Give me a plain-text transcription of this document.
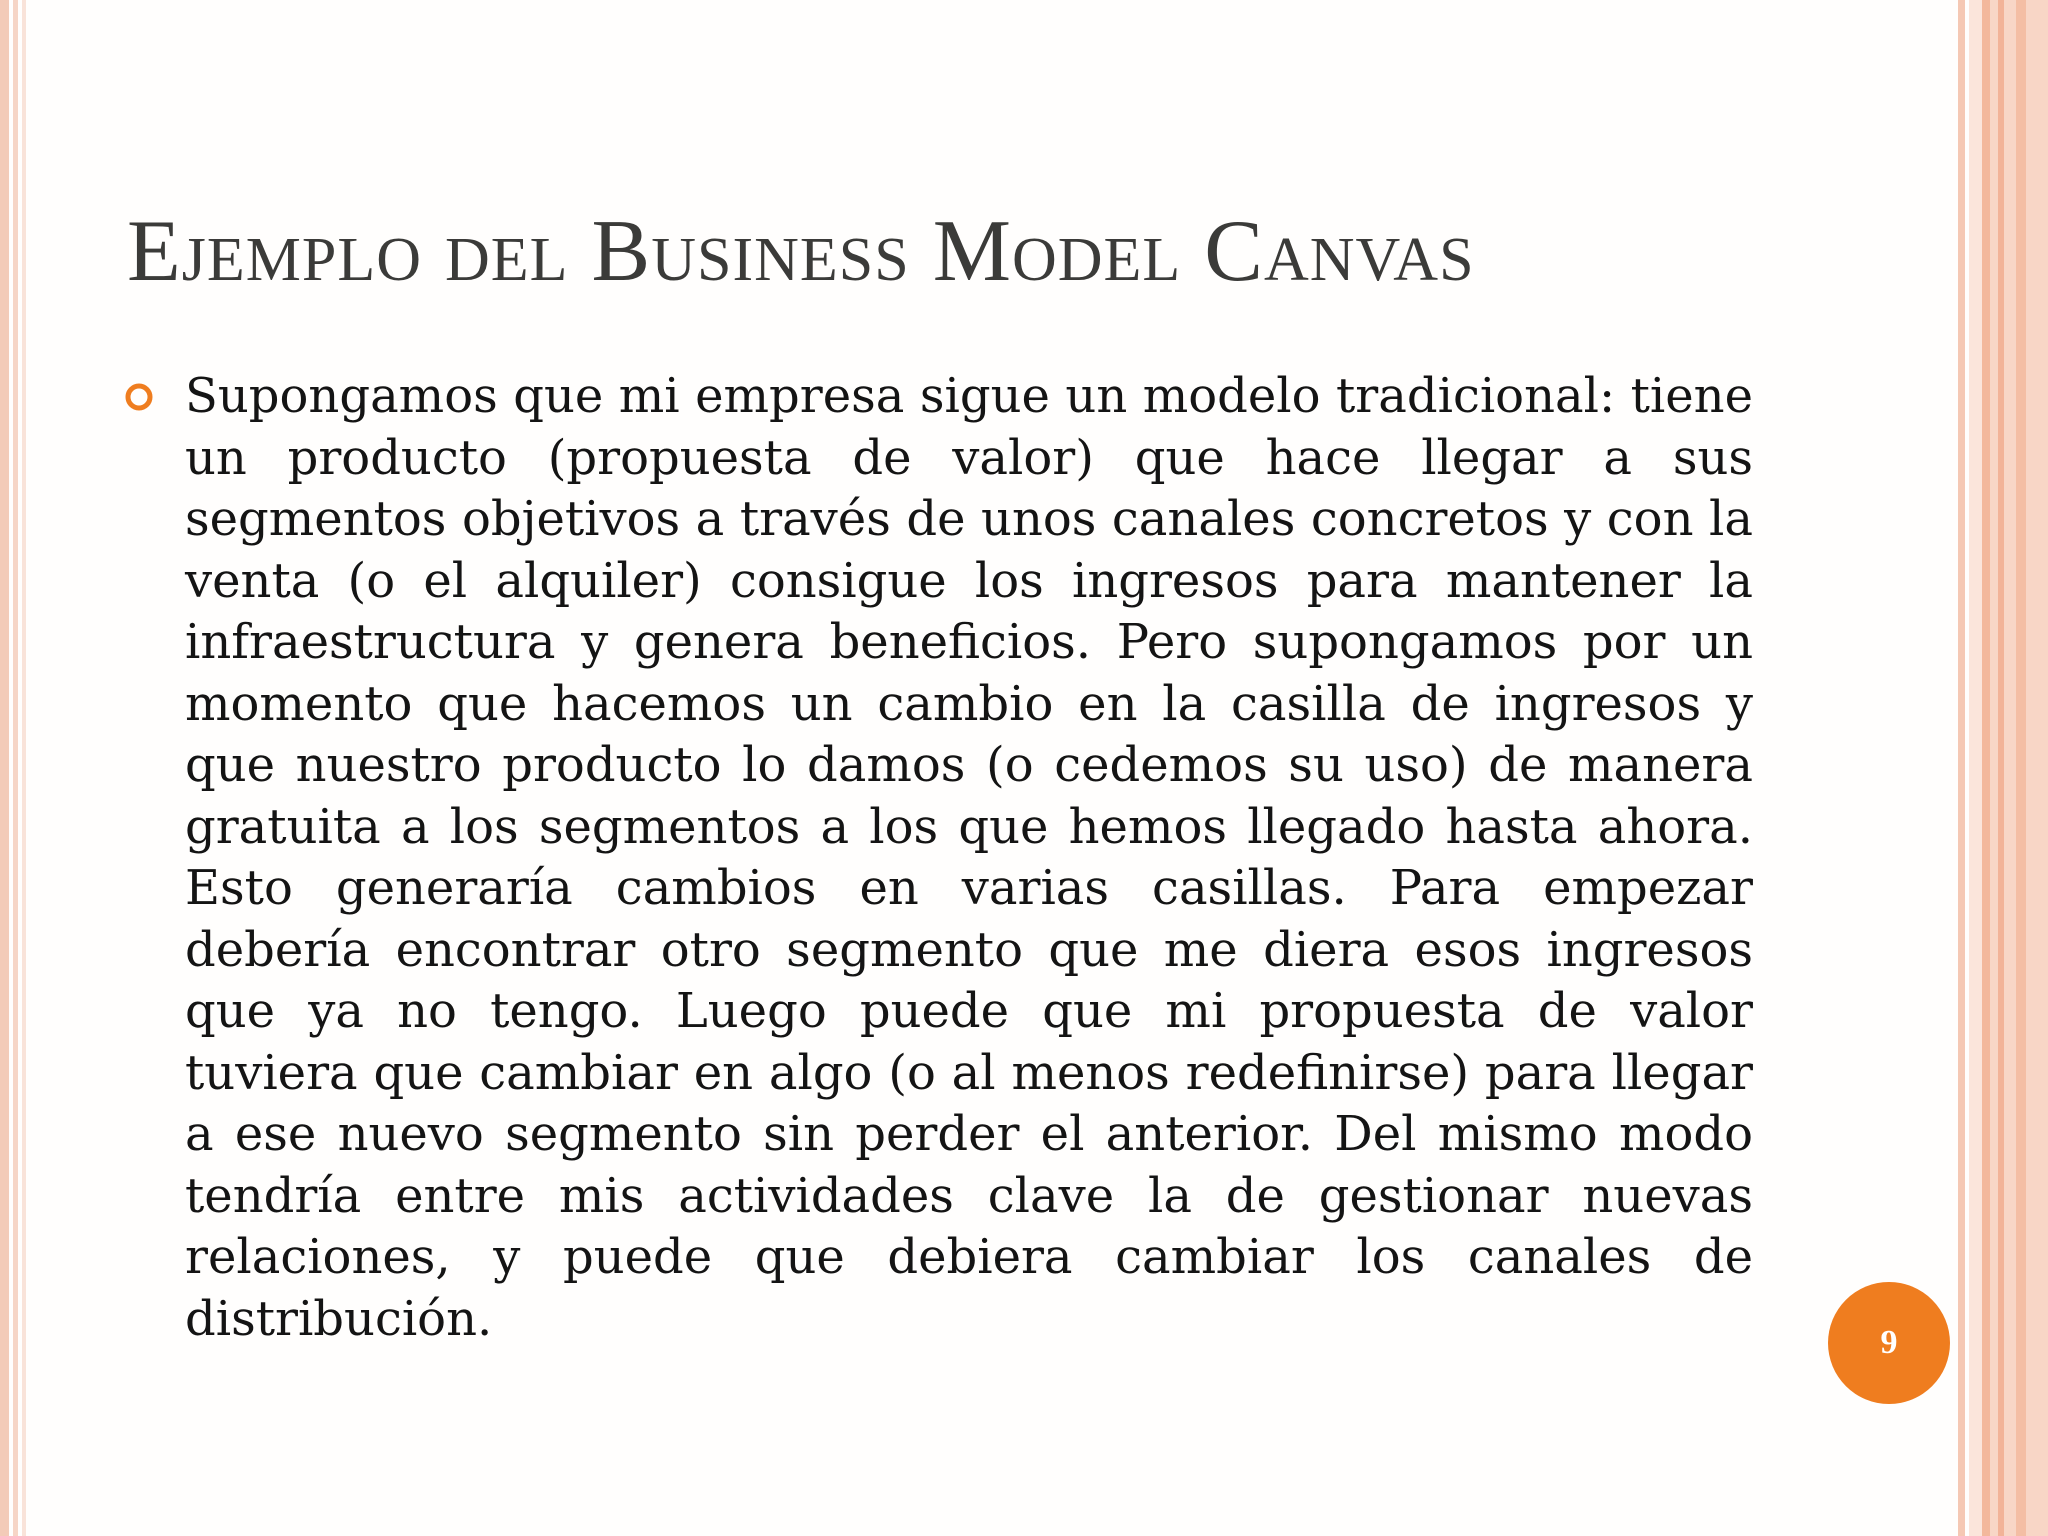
Ejemplo del Business Model Canvas

Supongamos que mi empresa sigue un modelo tradicional: tiene un producto (propuesta de valor) que hace llegar a sus segmentos objetivos a través de unos canales concretos y con la venta (o el alquiler) consigue los ingresos para mantener la infraestructura y genera beneficios. Pero supongamos por un momento que hacemos un cambio en la casilla de ingresos y que nuestro producto lo damos (o cedemos su uso) de manera gratuita a los segmentos a los que hemos llegado hasta ahora. Esto generaría cambios en varias casillas. Para empezar debería encontrar otro segmento que me diera esos ingresos que ya no tengo. Luego puede que mi propuesta de valor tuviera que cambiar en algo (o al menos redefinirse) para llegar a ese nuevo segmento sin perder el anterior. Del mismo modo tendría entre mis actividades clave la de gestionar nuevas relaciones, y puede que debiera cambiar los canales de distribución.	9
